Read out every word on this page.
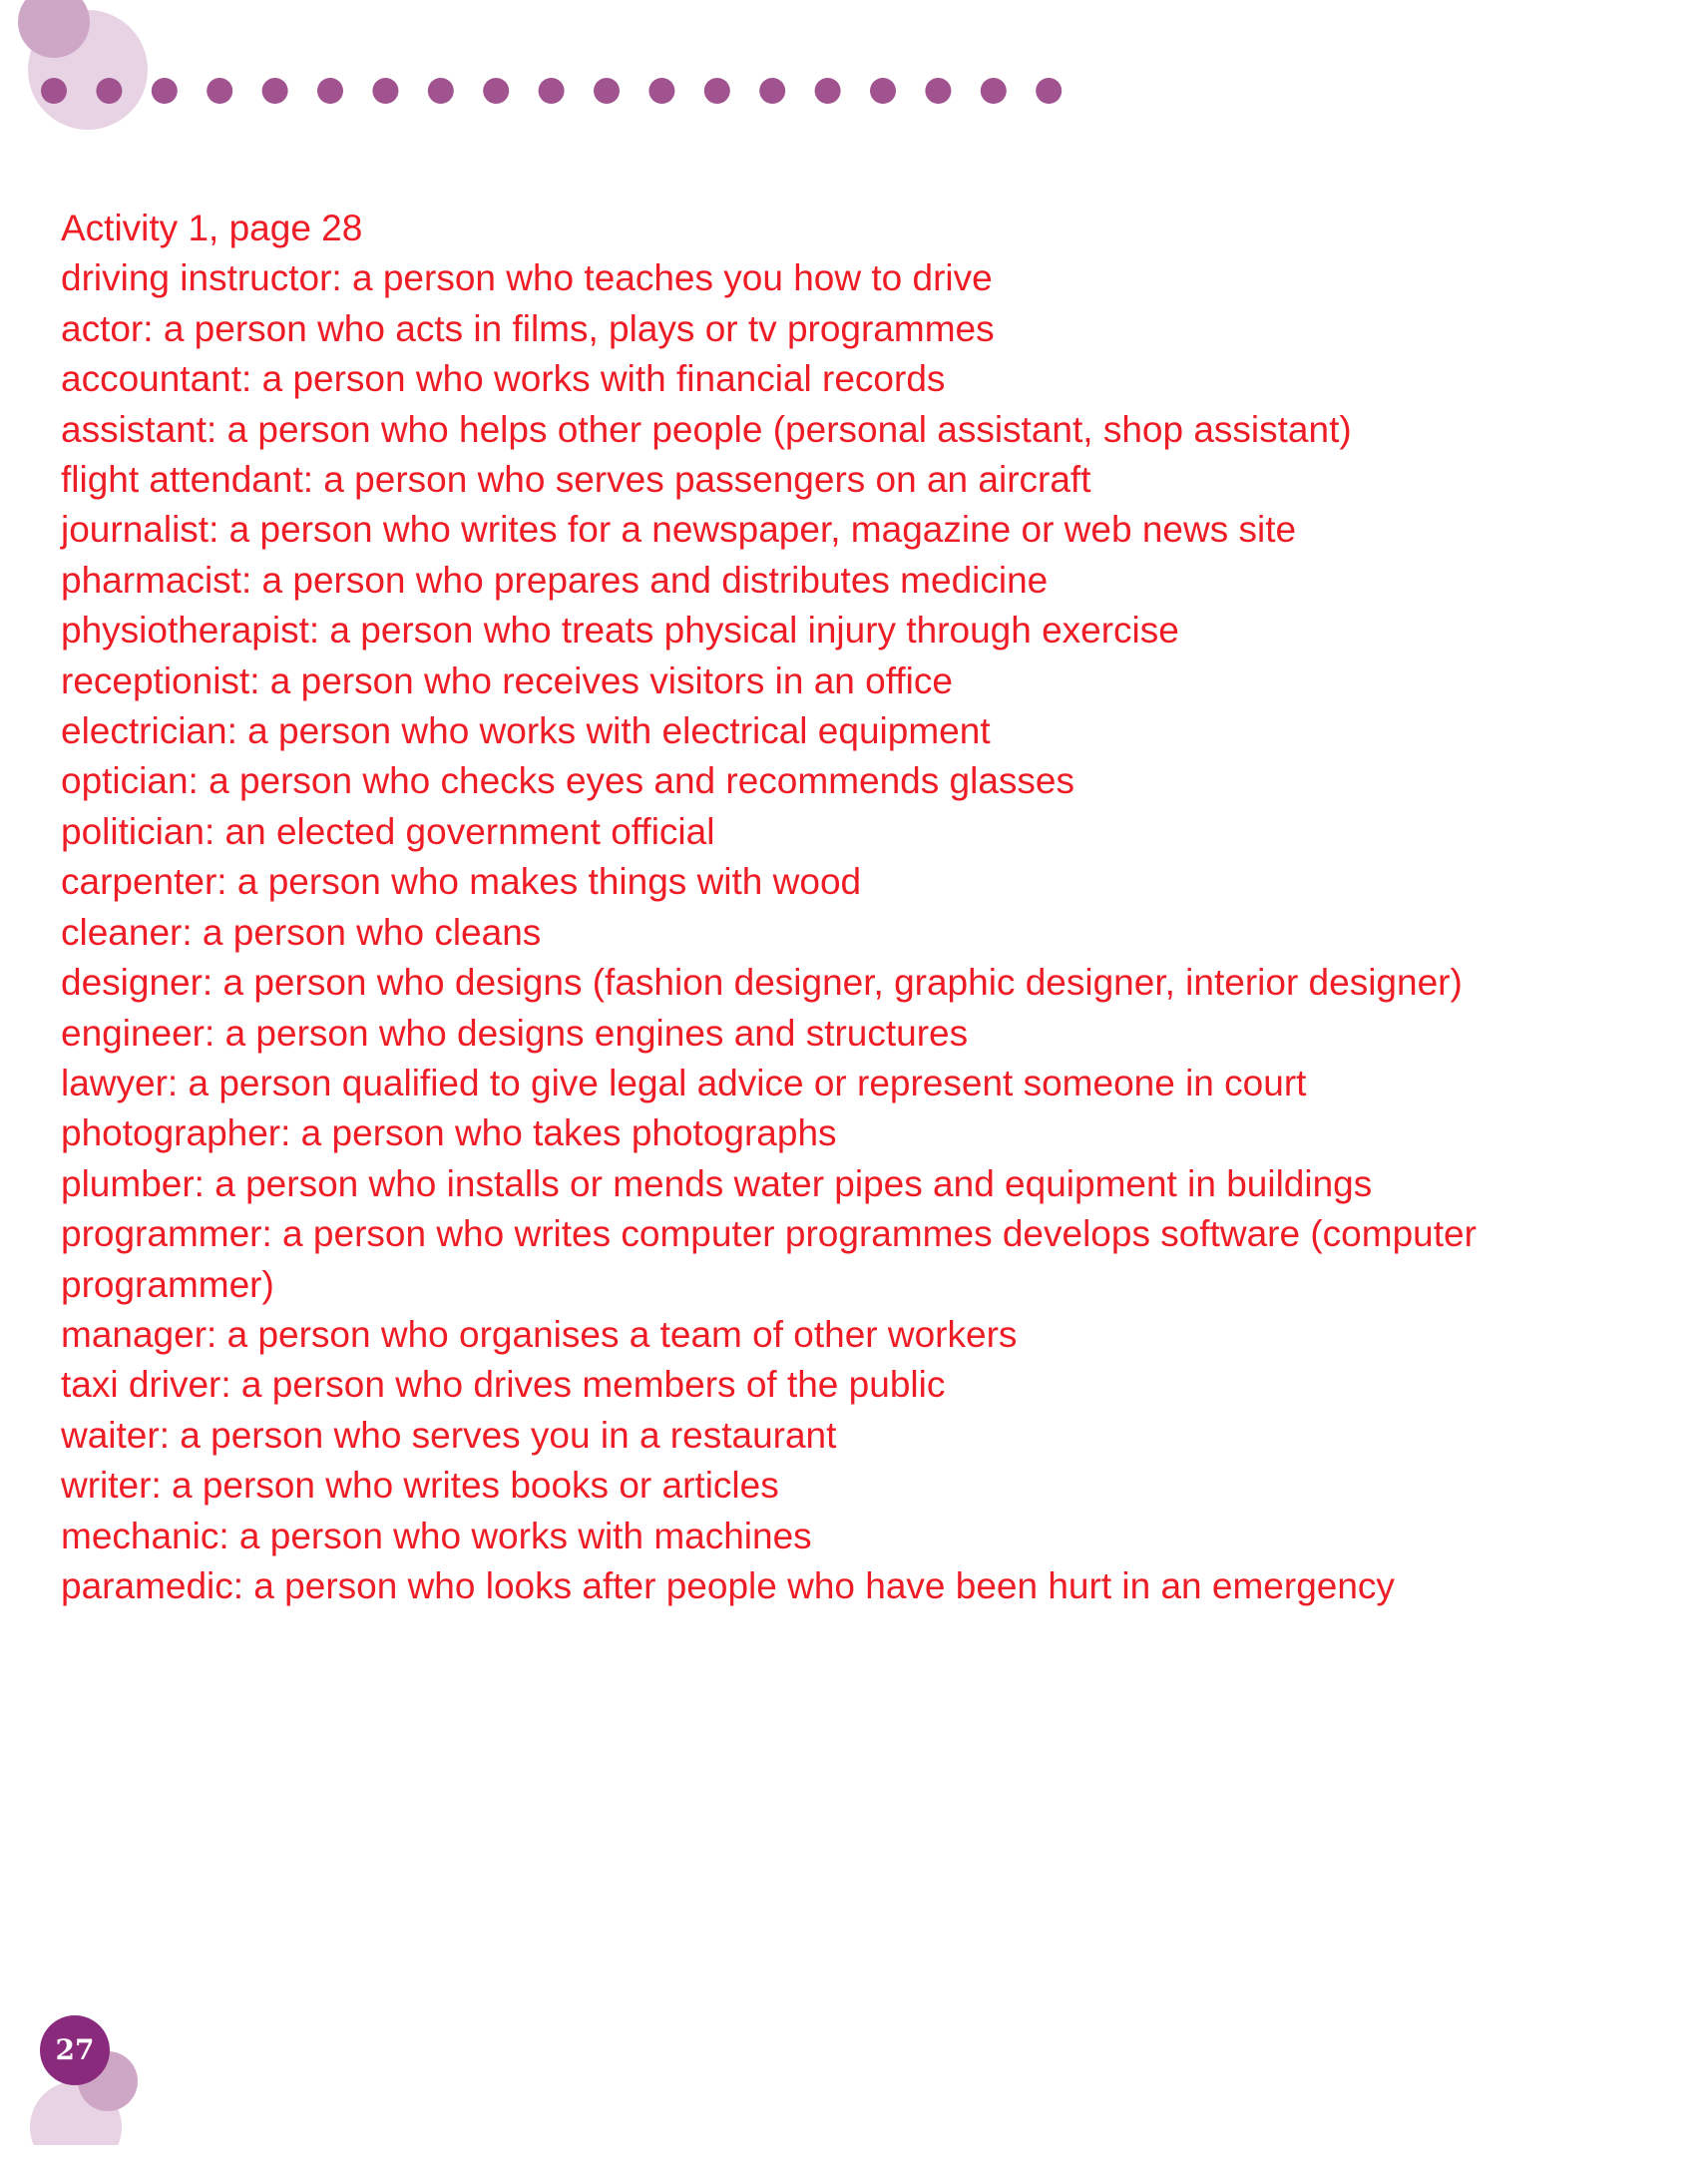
Activity 1, page 28
driving instructor: a person who teaches you how to drive
actor: a person who acts in films, plays or tv programmes
accountant: a person who works with financial records
assistant: a person who helps other people (personal assistant, shop assistant)
flight attendant: a person who serves passengers on an aircraft
journalist: a person who writes for a newspaper, magazine or web news site
pharmacist: a person who prepares and distributes medicine
physiotherapist: a person who treats physical injury through exercise
receptionist: a person who receives visitors in an office
electrician: a person who works with electrical equipment
optician: a person who checks eyes and recommends glasses
politician: an elected government official
carpenter: a person who makes things with wood
cleaner: a person who cleans
designer: a person who designs (fashion designer, graphic designer, interior designer)
engineer: a person who designs engines and structures
lawyer: a person qualified to give legal advice or represent someone in court
photographer: a person who takes photographs
plumber: a person who installs or mends water pipes and equipment in buildings
programmer: a person who writes computer programmes develops software (computer programmer)
manager: a person who organises a team of other workers
taxi driver: a person who drives members of the public
waiter: a person who serves you in a restaurant
writer: a person who writes books or articles
mechanic: a person who works with machines
paramedic: a person who looks after people who have been hurt in an emergency
27
